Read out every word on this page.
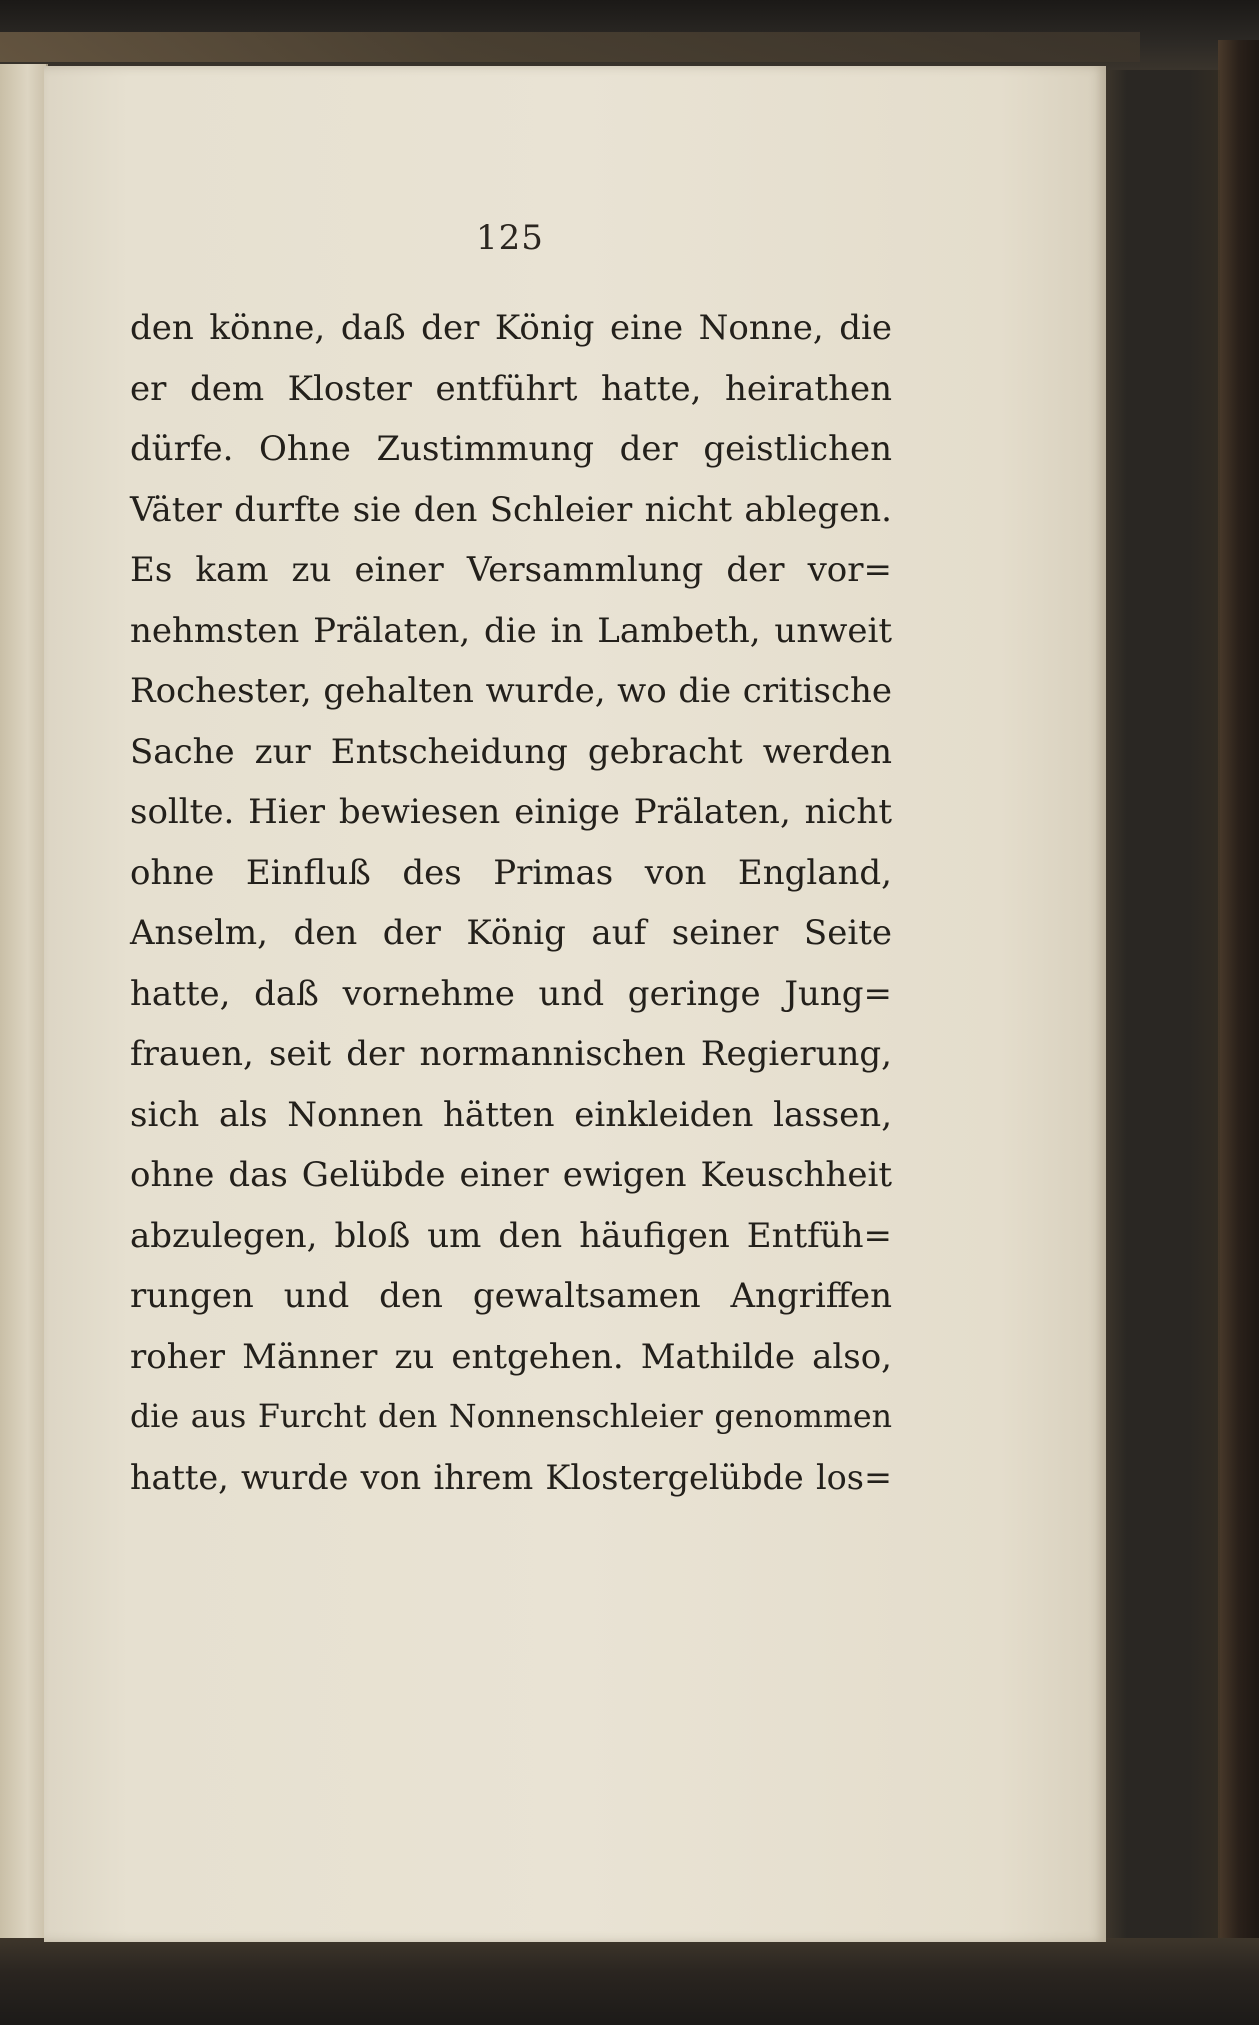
125
den könne, daß der König eine Nonne, die
er dem Kloster entführt hatte, heirathen
dürfe. Ohne Zustimmung der geistlichen
Väter durfte sie den Schleier nicht ablegen.
Es kam zu einer Versammlung der vor=
nehmsten Prälaten, die in Lambeth, unweit
Rochester, gehalten wurde, wo die critische
Sache zur Entscheidung gebracht werden
sollte. Hier bewiesen einige Prälaten, nicht
ohne Einfluß des Primas von England,
Anselm, den der König auf seiner Seite
hatte, daß vornehme und geringe Jung=
frauen, seit der normannischen Regierung,
sich als Nonnen hätten einkleiden lassen,
ohne das Gelübde einer ewigen Keuschheit
abzulegen, bloß um den häufigen Entfüh=
rungen und den gewaltsamen Angriffen
roher Männer zu entgehen. Mathilde also,
die aus Furcht den Nonnenschleier genommen
hatte, wurde von ihrem Klostergelübde los=
